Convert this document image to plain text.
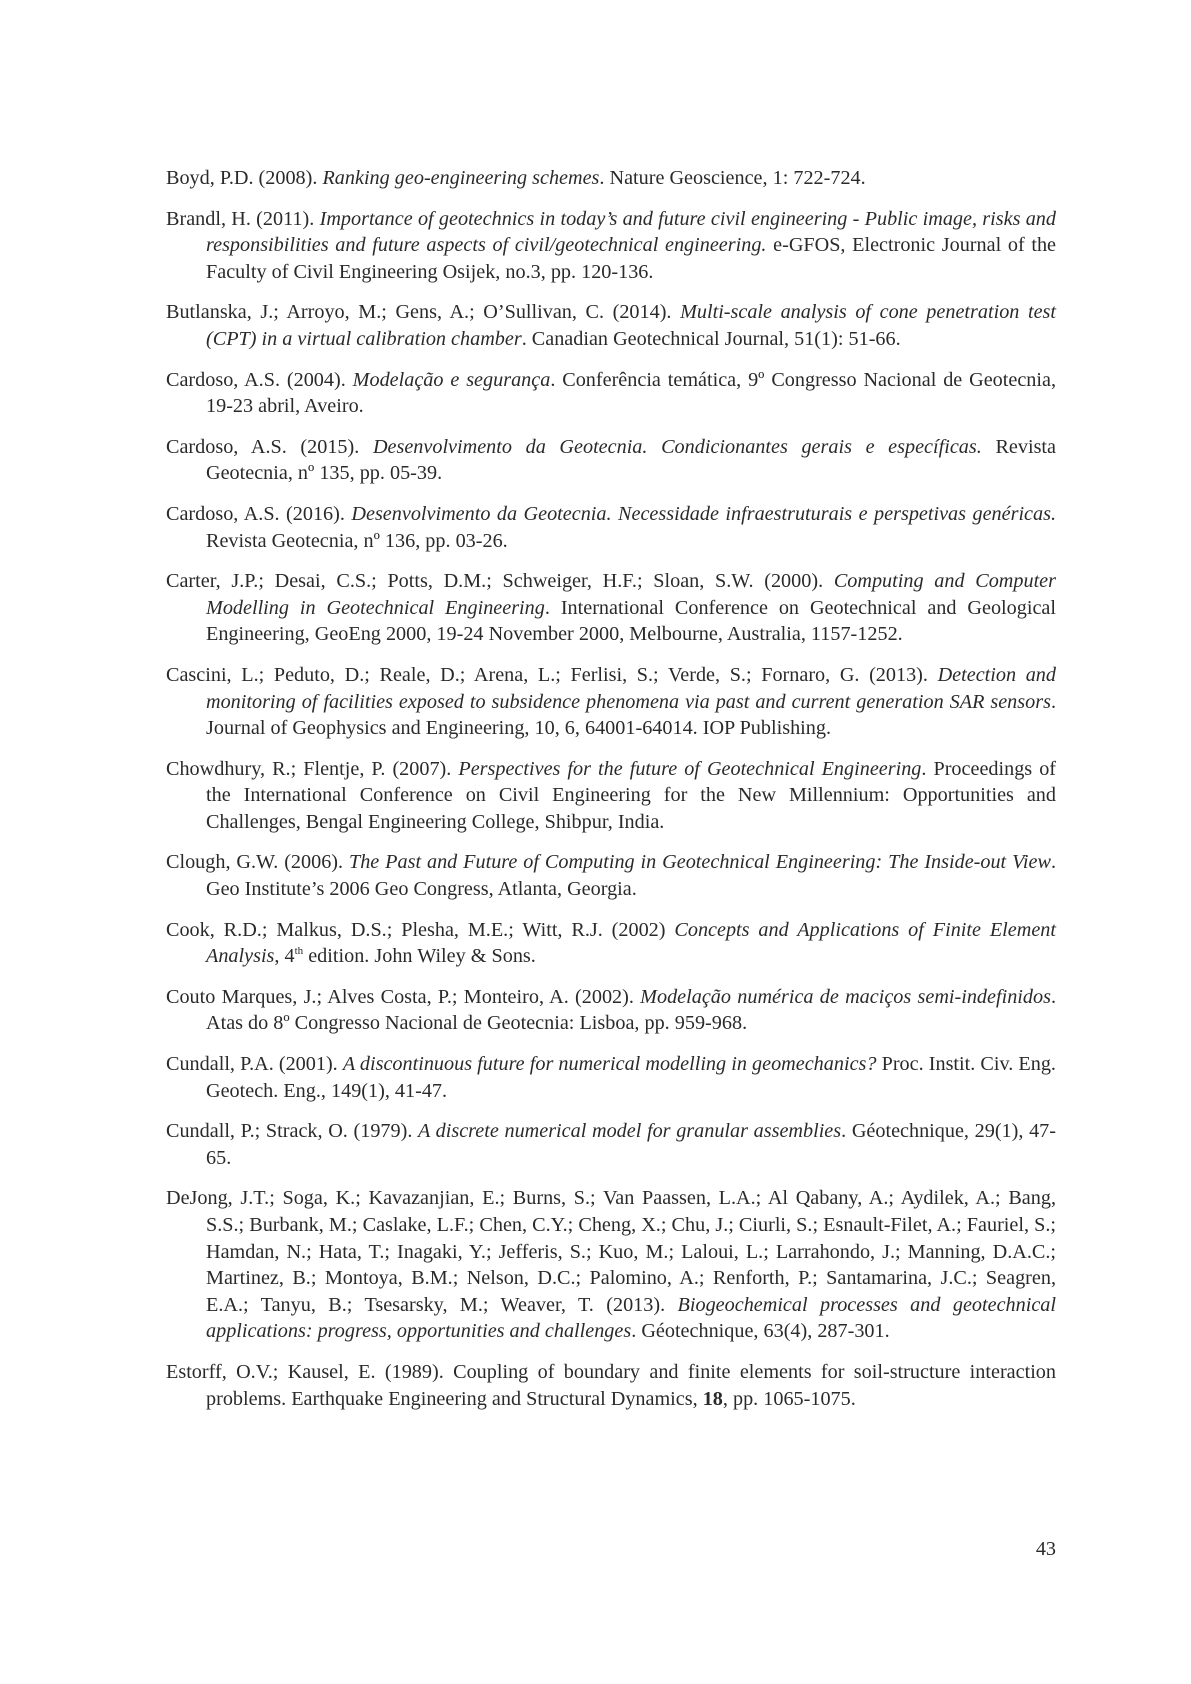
Boyd, P.D. (2008). Ranking geo-engineering schemes. Nature Geoscience, 1: 722-724.

Brandl, H. (2011). Importance of geotechnics in today’s and future civil engineering - Public image, risks and responsibilities and future aspects of civil/geotechnical engineering. e-GFOS, Electronic Journal of the Faculty of Civil Engineering Osijek, no.3, pp. 120-136.

Butlanska, J.; Arroyo, M.; Gens, A.; O’Sullivan, C. (2014). Multi-scale analysis of cone penetration test (CPT) in a virtual calibration chamber. Canadian Geotechnical Journal, 51(1): 51-66.

Cardoso, A.S. (2004). Modelação e segurança. Conferência temática, 9º Congresso Nacional de Geotecnia, 19-23 abril, Aveiro.

Cardoso, A.S. (2015). Desenvolvimento da Geotecnia. Condicionantes gerais e específicas. Revista Geotecnia, nº 135, pp. 05-39.

Cardoso, A.S. (2016). Desenvolvimento da Geotecnia. Necessidade infraestruturais e perspetivas genéricas. Revista Geotecnia, nº 136, pp. 03-26.

Carter, J.P.; Desai, C.S.; Potts, D.M.; Schweiger, H.F.; Sloan, S.W. (2000). Computing and Computer Modelling in Geotechnical Engineering. International Conference on Geotechnical and Geological Engineering, GeoEng 2000, 19-24 November 2000, Melbourne, Australia, 1157-1252.

Cascini, L.; Peduto, D.; Reale, D.; Arena, L.; Ferlisi, S.; Verde, S.; Fornaro, G. (2013). Detection and monitoring of facilities exposed to subsidence phenomena via past and current generation SAR sensors. Journal of Geophysics and Engineering, 10, 6, 64001-64014. IOP Publishing.

Chowdhury, R.; Flentje, P. (2007). Perspectives for the future of Geotechnical Engineering. Proceedings of the International Conference on Civil Engineering for the New Millennium: Opportunities and Challenges, Bengal Engineering College, Shibpur, India.

Clough, G.W. (2006). The Past and Future of Computing in Geotechnical Engineering: The Inside-out View. Geo Institute’s 2006 Geo Congress, Atlanta, Georgia.

Cook, R.D.; Malkus, D.S.; Plesha, M.E.; Witt, R.J. (2002) Concepts and Applications of Finite Element Analysis, 4th edition. John Wiley & Sons.

Couto Marques, J.; Alves Costa, P.; Monteiro, A. (2002). Modelação numérica de maciços semi-indefinidos. Atas do 8º Congresso Nacional de Geotecnia: Lisboa, pp. 959-968.

Cundall, P.A. (2001). A discontinuous future for numerical modelling in geomechanics? Proc. Instit. Civ. Eng. Geotech. Eng., 149(1), 41-47.

Cundall, P.; Strack, O. (1979). A discrete numerical model for granular assemblies. Géotechnique, 29(1), 47-65.

DeJong, J.T.; Soga, K.; Kavazanjian, E.; Burns, S.; Van Paassen, L.A.; Al Qabany, A.; Aydilek, A.; Bang, S.S.; Burbank, M.; Caslake, L.F.; Chen, C.Y.; Cheng, X.; Chu, J.; Ciurli, S.; Esnault-Filet, A.; Fauriel, S.; Hamdan, N.; Hata, T.; Inagaki, Y.; Jefferis, S.; Kuo, M.; Laloui, L.; Larrahondo, J.; Manning, D.A.C.; Martinez, B.; Montoya, B.M.; Nelson, D.C.; Palomino, A.; Renforth, P.; Santamarina, J.C.; Seagren, E.A.; Tanyu, B.; Tsesarsky, M.; Weaver, T. (2013). Biogeochemical processes and geotechnical applications: progress, opportunities and challenges. Géotechnique, 63(4), 287-301.

Estorff, O.V.; Kausel, E. (1989). Coupling of boundary and finite elements for soil-structure interaction problems. Earthquake Engineering and Structural Dynamics, 18, pp. 1065-1075.

43
